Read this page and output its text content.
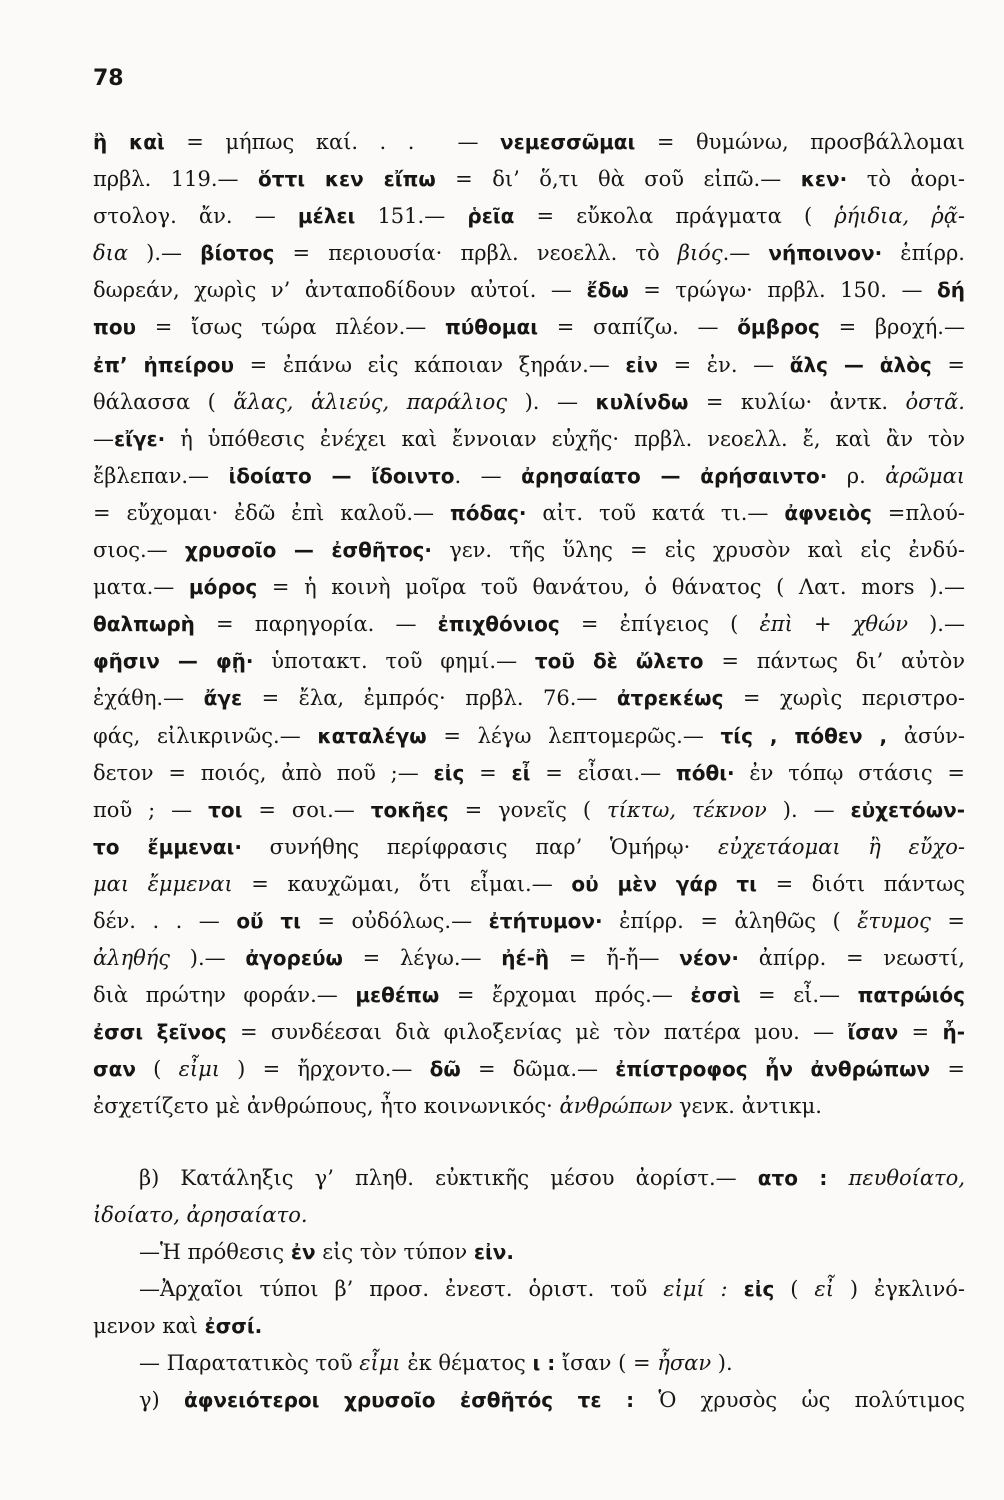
78
ἢ καὶ = μήπως καί. . .  — νεμεσσῶμαι = θυμώνω, προσβάλλομαι
πρβλ. 119.— ὅττι κεν εἴπω = δι’ ὅ,τι θὰ σοῦ εἰπῶ.— κεν· τὸ ἀορι-
στολογ. ἄν. — μέλει 151.— ῥεῖα = εὔκολα πράγματα ( ῥήιδια, ῥᾷ-
δια ).— βίοτος = περιουσία· πρβλ. νεοελλ. τὸ βιός.— νήποινον· ἐπίρρ.
δωρεάν, χωρὶς ν’ ἀνταποδίδουν αὐτοί. — ἔδω = τρώγω· πρβλ. 150. — δή
που = ἴσως τώρα πλέον.— πύθομαι = σαπίζω. — ὄμβρος = βροχή.—
ἐπ’ ἠπείρου = ἐπάνω εἰς κάποιαν ξηράν.— εἰν = ἐν. — ἅλς — ἁλὸς =
θάλασσα ( ἅλας, ἁλιεύς, παράλιος ). — κυλίνδω = κυλίω· ἀντκ. ὀστᾶ.
—εἴγε· ἡ ὑπόθεσις ἐνέχει καὶ ἔννοιαν εὐχῆς· πρβλ. νεοελλ. ἔ, καὶ ἂν τὸν
ἔβλεπαν.— ἰδοίατο — ἴδοιντο. — ἀρησαίατο — ἀρήσαιντο· ρ. ἀρῶμαι
= εὔχομαι· ἐδῶ ἐπὶ καλοῦ.— πόδας· αἰτ. τοῦ κατά τι.— ἀφνειὸς =πλού-
σιος.— χρυσοῖο — ἐσθῆτος· γεν. τῆς ὕλης = εἰς χρυσὸν καὶ εἰς ἐνδύ-
ματα.— μόρος = ἡ κοινὴ μοῖρα τοῦ θανάτου, ὁ θάνατος ( Λατ. mors ).—
θαλπωρὴ = παρηγορία. — ἐπιχθόνιος = ἐπίγειος ( ἐπὶ + χθών ).—
φῆσιν — φῇ· ὑποτακτ. τοῦ φημί.— τοῦ δὲ ὤλετο = πάντως δι’ αὐτὸν
ἐχάθη.— ἄγε = ἔλα, ἐμπρός· πρβλ. 76.— ἀτρεκέως = χωρὶς περιστρο-
φάς, εἰλικρινῶς.— καταλέγω = λέγω λεπτομερῶς.— τίς , πόθεν , ἀσύν-
δετον = ποιός, ἀπὸ ποῦ ;— εἰς = εἶ = εἶσαι.— πόθι· ἐν τόπῳ στάσις =
ποῦ ; — τοι = σοι.— τοκῆες = γονεῖς ( τίκτω, τέκνον ). — εὐχετόων-
το ἔμμεναι· συνήθης περίφρασις παρ’ Ὁμήρῳ· εὐχετάομαι ἢ εὔχο-
μαι ἔμμεναι = καυχῶμαι, ὅτι εἶμαι.— οὐ μὲν γάρ τι = διότι πάντως
δέν. . . — οὔ τι = οὐδόλως.— ἐτήτυμον· ἐπίρρ. = ἀληθῶς ( ἔτυμος =
ἀληθής ).— ἀγορεύω = λέγω.— ἠέ-ἢ = ἤ-ἤ— νέον· ἀπίρρ. = νεωστί,
διὰ πρώτην φοράν.— μεθέπω = ἔρχομαι πρός.— ἐσσὶ = εἶ.— πατρώιός
ἐσσι ξεῖνος = συνδέεσαι διὰ φιλοξενίας μὲ τὸν πατέρα μου. — ἴσαν = ἦ-
σαν ( εἶμι ) = ἤρχοντο.— δῶ = δῶμα.— ἐπίστροφος ἦν ἀνθρώπων =
ἐσχετίζετο μὲ ἀνθρώπους, ἦτο κοινωνικός· ἀνθρώπων γενκ. ἀντικμ.
β) Κατάληξις γ’ πληθ. εὐκτικῆς μέσου ἀορίστ.— ατο : πευθοίατο,
ἰδοίατο, ἀρησαίατο.
—Ἡ πρόθεσις ἐν εἰς τὸν τύπον εἰν.
—Ἀρχαῖοι τύποι β’ προσ. ἐνεστ. ὁριστ. τοῦ εἰμί : εἰς ( εἶ ) ἐγκλινό-
μενον καὶ ἐσσί.
— Παρατατικὸς τοῦ εἶμι ἐκ θέματος ι : ἴσαν ( = ἦσαν ).
γ) ἀφνειότεροι χρυσοῖο ἐσθῆτός τε : Ὁ χρυσὸς ὡς πολύτιμος
